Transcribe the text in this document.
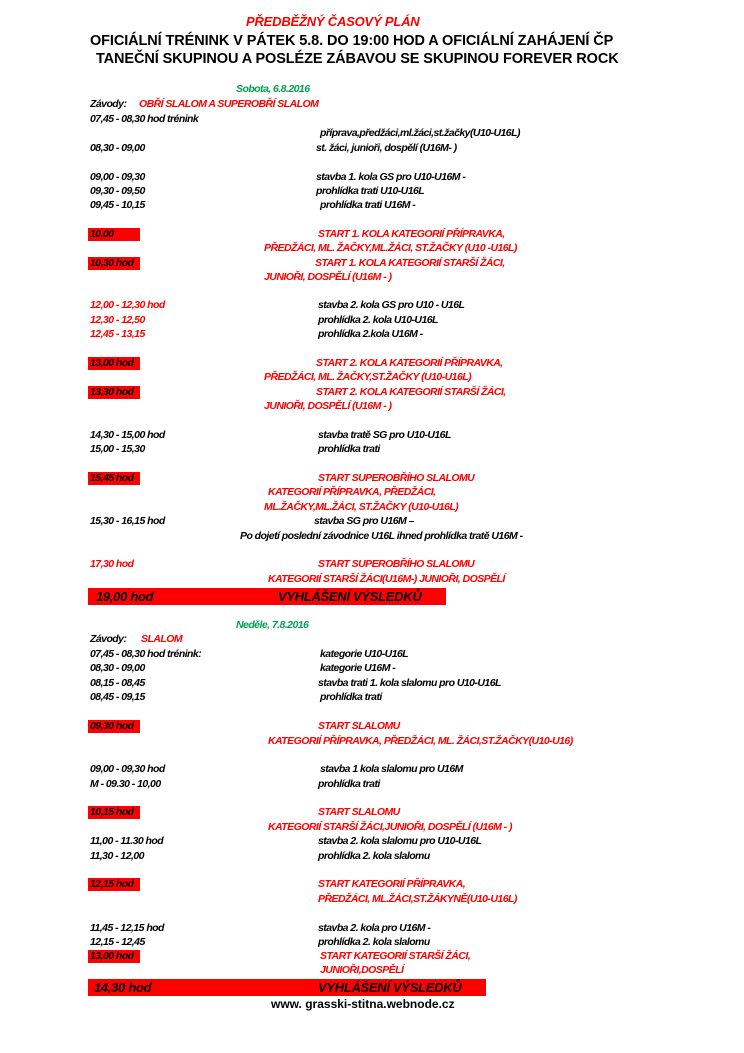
PŘEDBĚŽNÝ ČASOVÝ PLÁN
OFICIÁLNÍ TRÉNINK V PÁTEK 5.8. DO 19:00 HOD A OFICIÁLNÍ ZAHÁJENÍ ČP
TANEČNÍ SKUPINOU A POSLÉZE ZÁBAVOU SE SKUPINOU FOREVER ROCK
Sobota, 6.8.2016
Závody: OBŘÍ SLALOM A SUPEROBŘÍ SLALOM
07,45 - 08,30 hod trénink
příprava,předžáci,ml.žáci,st.žačky(U10-U16L)
08,30 - 09,00	st. žáci, junioři, dospělí (U16M- )
09,00 - 09,30	stavba 1. kola GS pro U10-U16M -
09,30 - 09,50	prohlídka trati U10-U16L
09,45 - 10,15	prohlídka trati U16M -
10,00	START 1. KOLA KATEGORIÍ PŘÍPRAVKA,
PŘEDŽÁCI, ML. ŽAČKY,ML.ŽÁCI, ST.ŽAČKY (U10 -U16L)
10,30 hod	START 1. KOLA KATEGORIÍ STARŠÍ ŽÁCI,
JUNIOŘI, DOSPĚLÍ (U16M - )
12,00 - 12,30 hod	stavba 2. kola GS pro U10 - U16L
12,30 - 12,50	prohlídka 2. kola U10-U16L
12,45 - 13,15	prohlídka 2.kola U16M -
13,00 hod	START 2. KOLA KATEGORIÍ PŘÍPRAVKA,
PŘEDŽÁCI, ML. ŽAČKY,ST.ŽAČKY (U10-U16L)
13,30 hod	START 2. KOLA KATEGORIÍ STARŠÍ ŽÁCI,
JUNIOŘI, DOSPĚLÍ (U16M - )
14,30 - 15,00 hod	stavba tratě SG pro U10-U16L
15,00 - 15,30	prohlídka trati
15,45 hod	START SUPEROBŘÍHO SLALOMU
KATEGORIÍ PŘÍPRAVKA, PŘEDŽÁCI,
ML.ŽAČKY,ML.ŽÁCI, ST.ŽAČKY (U10-U16L)
15,30 - 16,15 hod	stavba SG pro U16M –
Po dojetí poslední závodnice U16L ihned prohlídka tratě U16M -
17,30 hod	START SUPEROBŘÍHO SLALOMU
KATEGORIÍ STARŠÍ ŽÁCI(U16M-) JUNIOŘI, DOSPĚLÍ
19,00 hod	VYHLÁŠENÍ VÝSLEDKŮ
Neděle, 7.8.2016
Závody: SLALOM
07,45 - 08,30 hod trénink:	kategorie U10-U16L
08,30 - 09,00	kategorie U16M -
08,15 - 08,45	stavba trati 1. kola slalomu pro U10-U16L
08,45 - 09,15	prohlídka trati
09,30 hod	START SLALOMU
KATEGORIÍ PŘÍPRAVKA, PŘEDŽÁCI, ML. ŽÁCI,ST.ŽAČKY(U10-U16)
09,00 - 09,30 hod	stavba 1 kola slalomu pro U16M
M - 09.30 - 10,00	prohlídka trati
10,15 hod	START SLALOMU
KATEGORIÍ STARŠÍ ŽÁCI,JUNIOŘI, DOSPĚLÍ (U16M - )
11,00 - 11.30 hod	stavba 2. kola slalomu pro U10-U16L
11,30 - 12,00	prohlídka 2. kola slalomu
12,15 hod	START KATEGORIÍ PŘÍPRAVKA,
PŘEDŽÁCI, ML.ŽÁCI,ST.ŽÁKYNĚ(U10-U16L)
11,45 - 12,15 hod	stavba 2. kola pro U16M -
12,15 - 12,45	prohlídka 2. kola slalomu
13,00 hod	START KATEGORIÍ STARŠÍ ŽÁCI,
JUNIOŘI,DOSPĚLÍ
14,30 hod	VYHLÁŠENÍ VÝSLEDKŮ
www. grasski-stitna.webnode.cz
